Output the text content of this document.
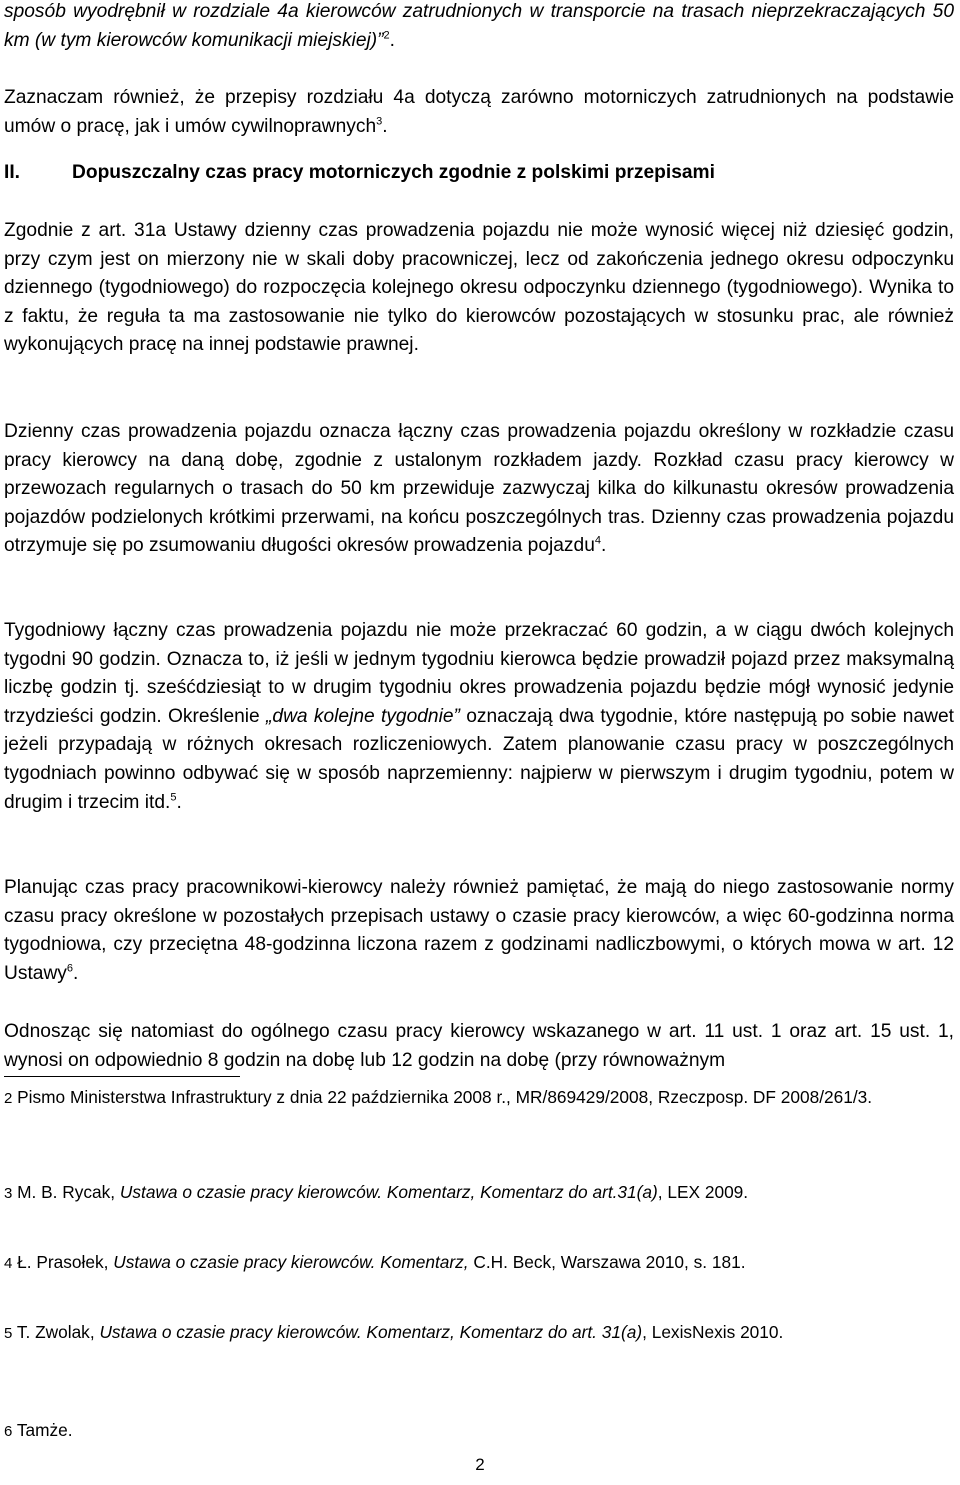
sposób wyodrębnił w rozdziale 4a kierowców zatrudnionych w transporcie na trasach nieprzekraczających 50 km (w tym kierowców komunikacji miejskiej)”$^2$.

Zaznaczam również, że przepisy rozdziału 4a dotyczą zarówno motorniczych zatrudnionych na podstawie umów o pracę, jak i umów cywilnoprawnych$^3$.

Zgodnie z art. 31a Ustawy dzienny czas prowadzenia pojazdu nie może wynosić więcej niż dziesięć godzin, przy czym jest on mierzony nie w skali doby pracowniczej, lecz od zakończenia jednego okresu odpoczynku dziennego (tygodniowego) do rozpoczęcia kolejnego okresu odpoczynku dziennego (tygodniowego). Wynika to z faktu, że reguła ta ma zastosowanie nie tylko do kierowców pozostających w stosunku prac, ale również wykonujących pracę na innej podstawie prawnej.

Dzienny czas prowadzenia pojazdu oznacza łączny czas prowadzenia pojazdu określony w rozkładzie czasu pracy kierowcy na daną dobę, zgodnie z ustalonym rozkładem jazdy. Rozkład czasu pracy kierowcy w przewozach regularnych o trasach do 50 km przewiduje zazwyczaj kilka do kilkunastu okresów prowadzenia pojazdów podzielonych krótkimi przerwami, na końcu poszczególnych tras. Dzienny czas prowadzenia pojazdu otrzymuje się po zsumowaniu długości okresów prowadzenia pojazdu$^4$.

Tygodniowy łączny czas prowadzenia pojazdu nie może przekraczać 60 godzin, a w ciągu dwóch kolejnych tygodni 90 godzin. Oznacza to, iż jeśli w jednym tygodniu kierowca będzie prowadził pojazd przez maksymalną liczbę godzin tj. sześćdziesiąt to w drugim tygodniu okres prowadzenia pojazdu będzie mógł wynosić jedynie trzydzieści godzin. Określenie „dwa kolejne tygodnie” oznaczają dwa tygodnie, które następują po sobie nawet jeżeli przypadają w różnych okresach rozliczeniowych. Zatem planowanie czasu pracy w poszczególnych tygodniach powinno odbywać się w sposób naprzemienny: najpierw w pierwszym i drugim tygodniu, potem w drugim i trzecim itd.$^5$.

Planując czas pracy pracownikowi-kierowcy należy również pamiętać, że mają do niego zastosowanie normy czasu pracy określone w pozostałych przepisach ustawy o czasie pracy kierowców, a więc 60-godzinna norma tygodniowa, czy przeciętna 48-godzinna liczona razem z godzinami nadliczbowymi, o których mowa w art. 12 Ustawy$^6$.

Odnosząc się natomiast do ogólnego czasu pracy kierowcy wskazanego w art. 11 ust. 1 oraz art. 15 ust. 1, wynosi on odpowiednio 8 godzin na dobę lub 12 godzin na dobę (przy równoważnym

II.	Dopuszczalny czas pracy motorniczych zgodnie z polskimi przepisami
2 Pismo Ministerstwa Infrastruktury z dnia 22 października 2008 r., MR/869429/2008, Rzeczposp. DF 2008/261/3.
3 M. B. Rycak, Ustawa o czasie pracy kierowców. Komentarz, Komentarz do art.31(a), LEX 2009.
4 Ł. Prasołek, Ustawa o czasie pracy kierowców. Komentarz, C.H. Beck, Warszawa 2010, s. 181.
5 T. Zwolak, Ustawa o czasie pracy kierowców. Komentarz, Komentarz do art. 31(a), LexisNexis 2010.
6 Tamże.
2
